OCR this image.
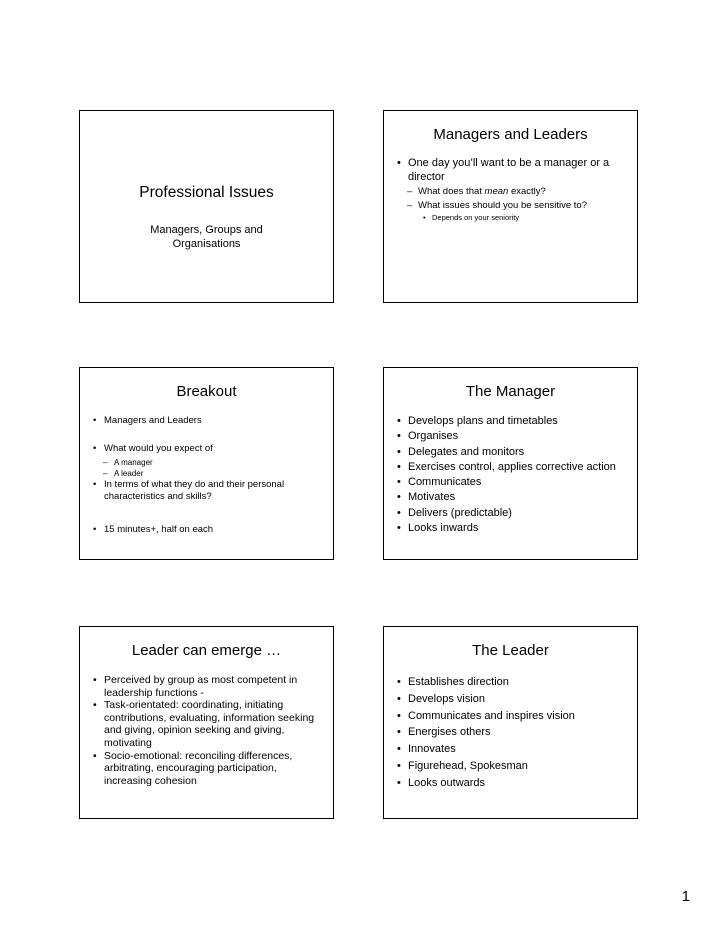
Professional Issues
Managers, Groups and
Organisations
Managers and Leaders
• One day you’ll want to be a manager or a director
– What does that mean exactly?
– What issues should you be sensitive to?
• Depends on your seniority
Breakout
• Managers and Leaders
• What would you expect of
– A manager
– A leader
• In terms of what they do and their personal characteristics and skills?
• 15 minutes+, half on each
The Manager
• Develops plans and timetables
• Organises
• Delegates and monitors
• Exercises control, applies corrective action
• Communicates
• Motivates
• Delivers (predictable)
• Looks inwards
Leader can emerge …
• Perceived by group as most competent in leadership functions -
• Task-orientated: coordinating, initiating contributions, evaluating, information seeking and giving, opinion seeking and giving, motivating
• Socio-emotional: reconciling differences, arbitrating, encouraging participation, increasing cohesion
The Leader
• Establishes direction
• Develops vision
• Communicates and inspires vision
• Energises others
• Innovates
• Figurehead, Spokesman
• Looks outwards
1
